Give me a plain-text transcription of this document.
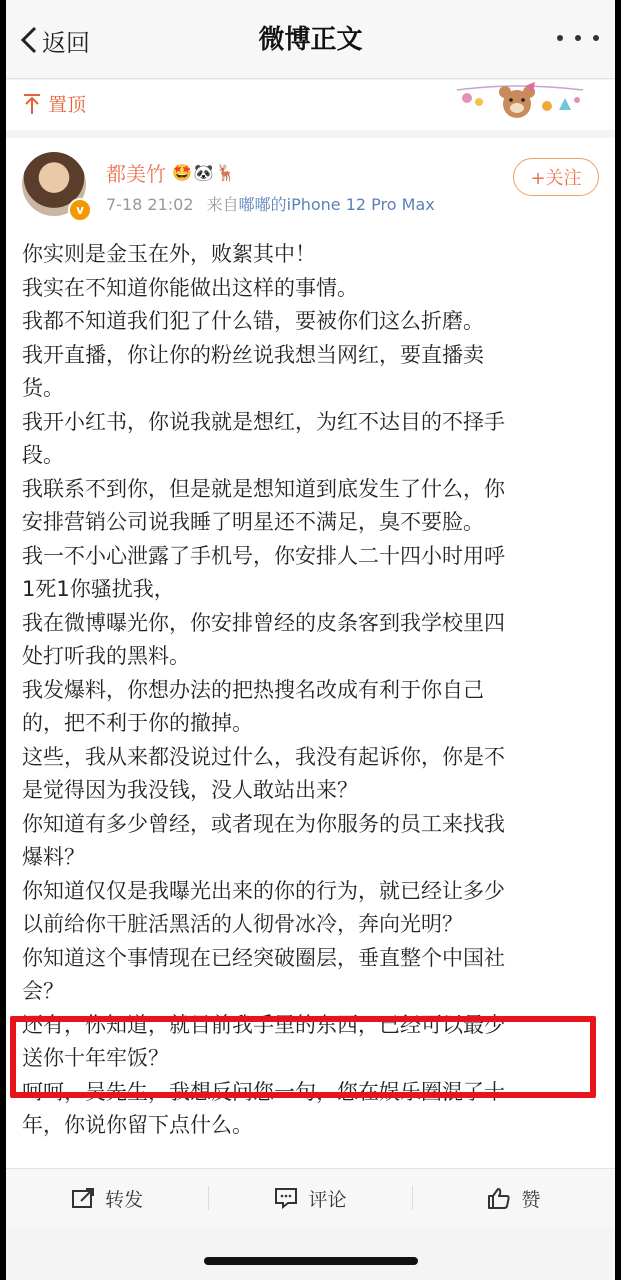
返回	微博正文
置顶
v
都美竹 🤩🐼🦌
7-18 21:02 来自嘟嘟的iPhone 12 Pro Max
+关注

你实则是金玉在外，败絮其中！

我实在不知道你能做出这样的事情。

我都不知道我们犯了什么错，要被你们这么折磨。

我开直播，你让你的粉丝说我想当网红，要直播卖

货。

我开小红书，你说我就是想红，为红不达目的不择手

段。

我联系不到你，但是就是想知道到底发生了什么，你

安排营销公司说我睡了明星还不满足，臭不要脸。

我一不小心泄露了手机号，你安排人二十四小时用呼

1死1你骚扰我，

我在微博曝光你，你安排曾经的皮条客到我学校里四

处打听我的黑料。

我发爆料，你想办法的把热搜名改成有利于你自己

的，把不利于你的撤掉。

这些，我从来都没说过什么，我没有起诉你，你是不

是觉得因为我没钱，没人敢站出来？

你知道有多少曾经，或者现在为你服务的员工来找我

爆料？

你知道仅仅是我曝光出来的你的行为，就已经让多少

以前给你干脏活黑活的人彻骨冰冷，奔向光明？

你知道这个事情现在已经突破圈层，垂直整个中国社

会？

还有，你知道，就目前我手里的东西，已经可以最少

送你十年牢饭？

呵呵，吴先生，我想反问您一句，您在娱乐圈混了十

年，你说你留下点什么。

转发	评论	赞
